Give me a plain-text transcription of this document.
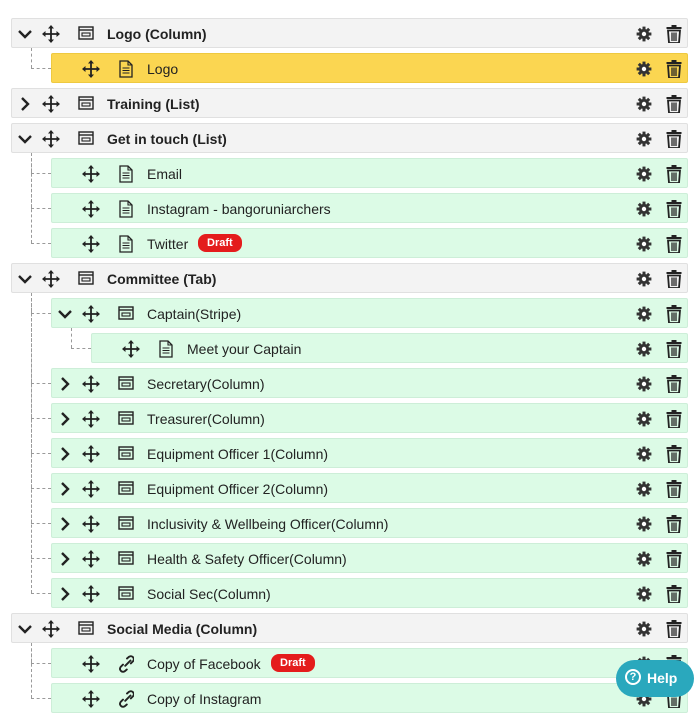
Logo (Column)
Logo
Training (List)
Get in touch (List)
Email
Instagram - bangoruniarchers
Twitter	Draft
Committee (Tab)
Captain(Stripe)
Meet your Captain
Secretary(Column)
Treasurer(Column)
Equipment Officer 1(Column)
Equipment Officer 2(Column)
Inclusivity & Wellbeing Officer(Column)
Health & Safety Officer(Column)
Social Sec(Column)
Social Media (Column)
Copy of Facebook	Draft
Copy of Instagram
? Help
